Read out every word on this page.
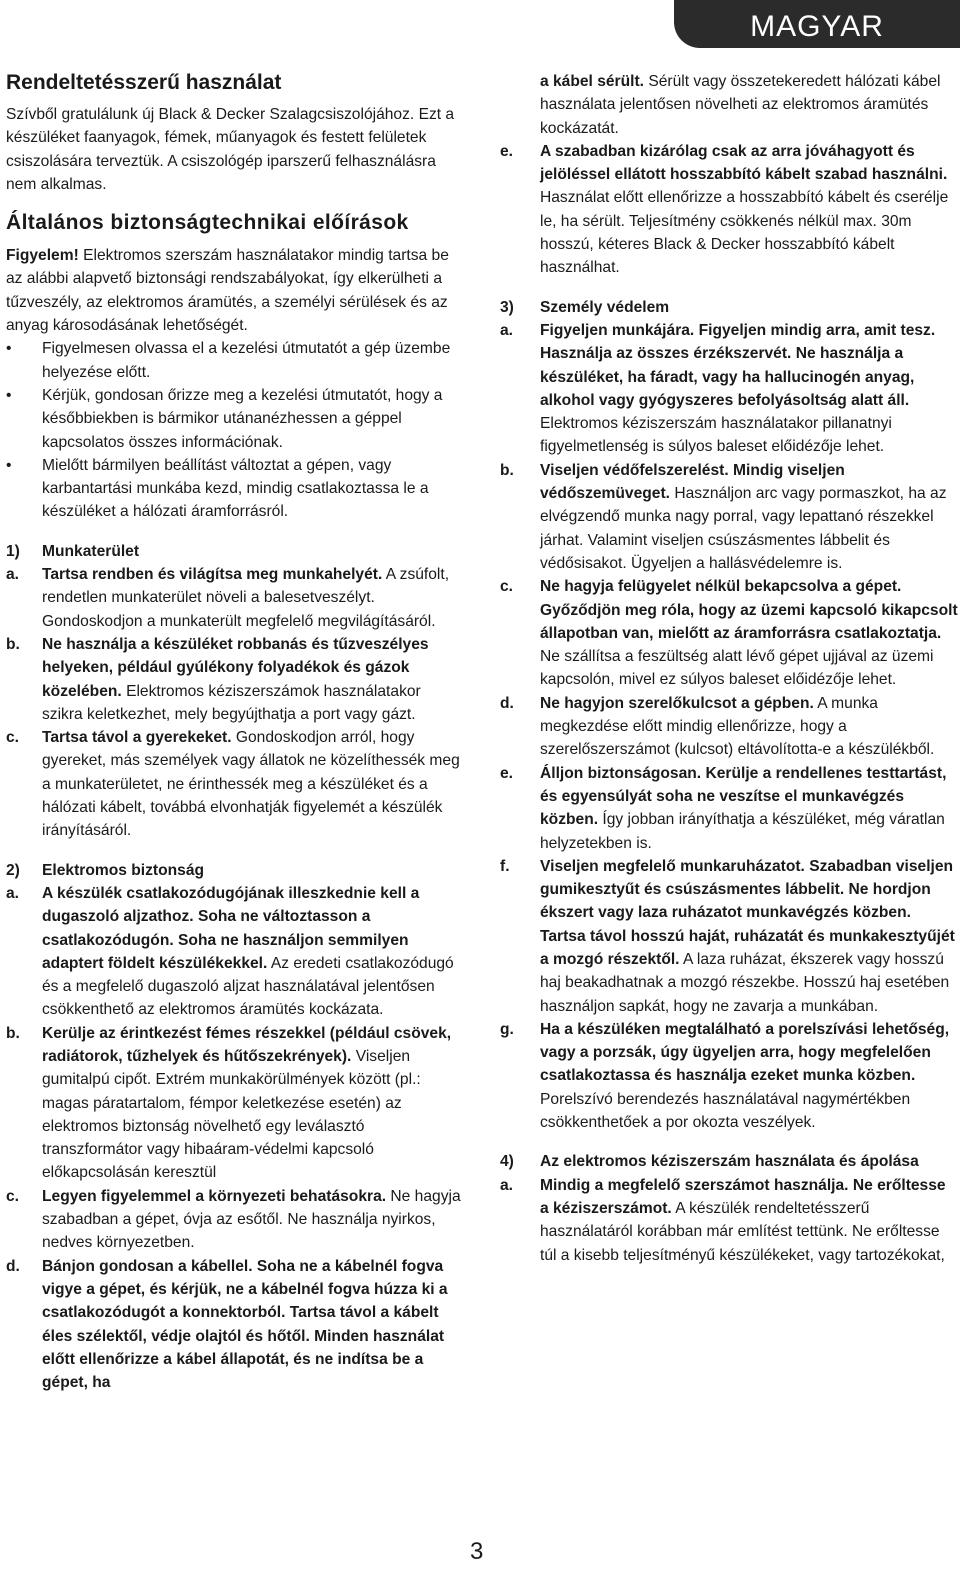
MAGYAR
Rendeltetésszerű használat

Szívből gratulálunk új Black & Decker Szalagcsiszolójához. Ezt a készüléket faanyagok, fémek, műanyagok és festett felületek csiszolására terveztük. A csiszológép iparszerű felhasználásra nem alkalmas.

Általános biztonságtechnikai előírások

Figyelem! Elektromos szerszám használatakor mindig tartsa be az alábbi alapvető biztonsági rendszabályokat, így elkerülheti a tűzveszély, az elektromos áramütés, a személyi sérülések és az anyag károsodásának lehetőségét.

• Figyelmesen olvassa el a kezelési útmutatót a gép üzembe helyezése előtt.
• Kérjük, gondosan őrizze meg a kezelési útmutatót, hogy a későbbiekben is bármikor utánanézhessen a géppel kapcsolatos összes információnak.
• Mielőtt bármilyen beállítást változtat a gépen, vagy karbantartási munkába kezd, mindig csatlakoztassa le a készüléket a hálózati áramforrásról.
1)	Munkaterület
a.	Tartsa rendben és világítsa meg munkahelyét. A zsúfolt, rendetlen munkaterület növeli a balesetveszélyt. Gondoskodjon a munkaterült megfelelő megvilágításáról.
b.	Ne használja a készüléket robbanás és tűzveszélyes helyeken, például gyúlékony folyadékok és gázok közelében. Elektromos kéziszerszámok használatakor szikra keletkezhet, mely begyújthatja a port vagy gázt.
c.	Tartsa távol a gyerekeket. Gondoskodjon arról, hogy gyereket, más személyek vagy állatok ne közelíthessék meg a munkaterületet, ne érinthessék meg a készüléket és a hálózati kábelt, továbbá elvonhatják figyelemét a készülék irányításáról.
2)	Elektromos biztonság
a.	A készülék csatlakozódugójának illeszkednie kell a dugaszoló aljzathoz. Soha ne változtasson a csatlakozódugón. Soha ne használjon semmilyen adaptert földelt készülékekkel. Az eredeti csatlakozódugó és a megfelelő dugaszoló aljzat használatával jelentősen csökkenthető az elektromos áramütés kockázata.
b.	Kerülje az érintkezést fémes részekkel (például csövek, radiátorok, tűzhelyek és hűtőszekrények). Viseljen gumitalpú cipőt. Extrém munkakörülmények között (pl.: magas páratartalom, fémpor keletkezése esetén) az elektromos biztonság növelhető egy leválasztó transzformátor vagy hibaáram-védelmi kapcsoló előkapcsolásán keresztül
c.	Legyen figyelemmel a környezeti behatásokra. Ne hagyja szabadban a gépet, óvja az esőtől. Ne használja nyirkos, nedves környezetben.
d.	Bánjon gondosan a kábellel. Soha ne a kábelnél fogva vigye a gépet, és kérjük, ne a kábelnél fogva húzza ki a csatlakozódugót a konnektorból. Tartsa távol a kábelt éles szélektől, védje olajtól és hőtől. Minden használat előtt ellenőrizze a kábel állapotát, és ne indítsa be a gépet, ha

a kábel sérült. Sérült vagy összetekeredett hálózati kábel használata jelentősen növelheti az elektromos áramütés kockázatát.

e. A szabadban kizárólag csak az arra jóváhagyott és jelöléssel ellátott hosszabbító kábelt szabad használni. Használat előtt ellenőrizze a hosszabbító kábelt és cserélje le, ha sérült. Teljesítmény csökkenés nélkül max. 30m hosszú, kéteres Black & Decker hosszabbító kábelt használhat.
3) Személy védelem
a. Figyeljen munkájára. Figyeljen mindig arra, amit tesz. Használja az összes érzékszervét. Ne használja a készüléket, ha fáradt, vagy ha hallucinogén anyag, alkohol vagy gyógyszeres befolyásoltság alatt áll. Elektromos kéziszerszám használatakor pillanatnyi figyelmetlenség is súlyos baleset előidézője lehet.
b. Viseljen védőfelszerelést. Mindig viseljen védőszemüveget. Használjon arc vagy pormaszkot, ha az elvégzendő munka nagy porral, vagy lepattanó részekkel járhat. Valamint viseljen csúszásmentes lábbelit és védősisakot. Ügyeljen a hallásvédelemre is.
c. Ne hagyja felügyelet nélkül bekapcsolva a gépet. Győződjön meg róla, hogy az üzemi kapcsoló kikapcsolt állapotban van, mielőtt az áramforrásra csatlakoztatja. Ne szállítsa a feszültség alatt lévő gépet ujjával az üzemi kapcsolón, mivel ez súlyos baleset előidézője lehet.
d. Ne hagyjon szerelőkulcsot a gépben. A munka megkezdése előtt mindig ellenőrizze, hogy a szerelőszerszámot (kulcsot) eltávolította-e a készülékből.
e. Álljon biztonságosan. Kerülje a rendellenes testtartást, és egyensúlyát soha ne veszítse el munkavégzés közben. Így jobban irányíthatja a készüléket, még váratlan helyzetekben is.
f. Viseljen megfelelő munkaruházatot. Szabadban viseljen gumikesztyűt és csúszásmentes lábbelit. Ne hordjon ékszert vagy laza ruházatot munkavégzés közben. Tartsa távol hosszú haját, ruházatát és munkakesztyűjét a mozgó részektől. A laza ruházat, ékszerek vagy hosszú haj beakadhatnak a mozgó részekbe. Hosszú haj esetében használjon sapkát, hogy ne zavarja a munkában.
g. Ha a készüléken megtalálható a porelszívási lehetőség, vagy a porzsák, úgy ügyeljen arra, hogy megfelelően csatlakoztassa és használja ezeket munka közben. Porelszívó berendezés használatával nagymértékben csökkenthetőek a por okozta veszélyek.
4) Az elektromos kéziszerszám használata és ápolása
a. Mindig a megfelelő szerszámot használja. Ne erőltesse a kéziszerszámot. A készülék rendeltetésszerű használatáról korábban már említést tettünk. Ne erőltesse túl a kisebb teljesítményű készülékeket, vagy tartozékokat,
3
